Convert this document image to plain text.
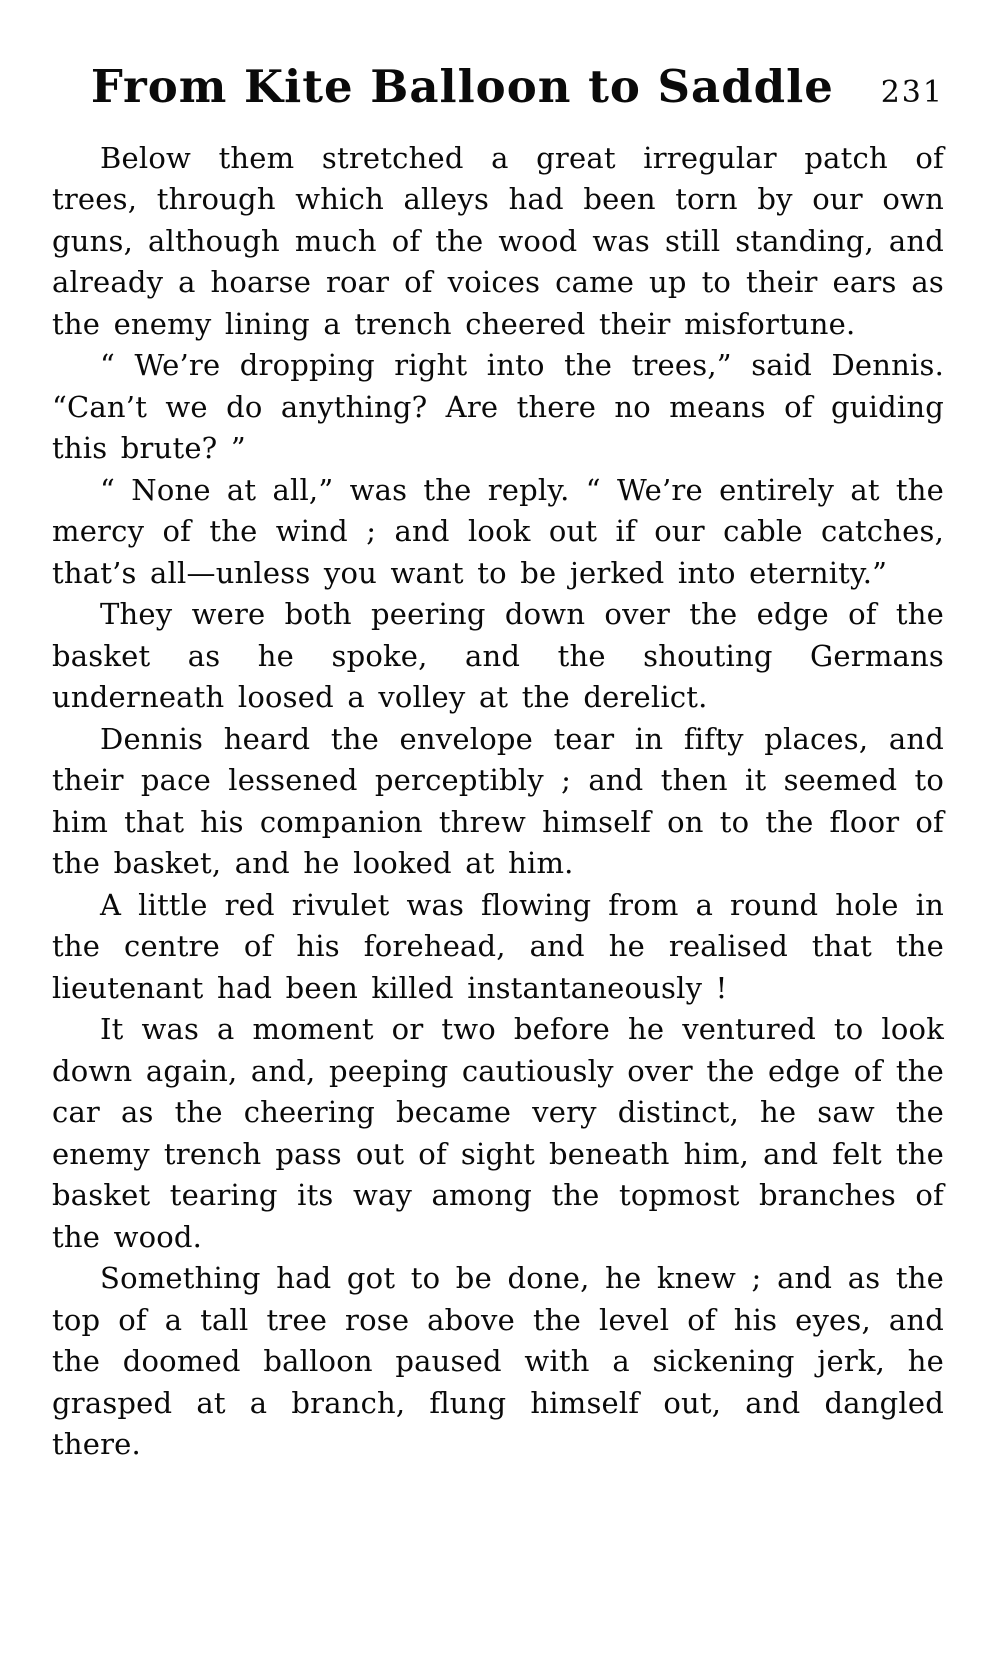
From Kite Balloon to Saddle 231

Below them stretched a great irregular patch of trees, through which alleys had been torn by our own guns, although much of the wood was still standing, and already a hoarse roar of voices came up to their ears as the enemy lining a trench cheered their misfortune.

“ We’re dropping right into the trees,” said Dennis. “Can’t we do anything? Are there no means of guiding this brute? ”

“ None at all,” was the reply. “ We’re entirely at the mercy of the wind ; and look out if our cable catches, that’s all—unless you want to be jerked into eternity.”

They were both peering down over the edge of the basket as he spoke, and the shouting Germans underneath loosed a volley at the derelict.

Dennis heard the envelope tear in fifty places, and their pace lessened perceptibly ; and then it seemed to him that his companion threw himself on to the floor of the basket, and he looked at him.

A little red rivulet was flowing from a round hole in the centre of his forehead, and he realised that the lieutenant had been killed instantaneously !

It was a moment or two before he ventured to look down again, and, peeping cautiously over the edge of the car as the cheering became very distinct, he saw the enemy trench pass out of sight beneath him, and felt the basket tearing its way among the topmost branches of the wood.

Something had got to be done, he knew ; and as the top of a tall tree rose above the level of his eyes, and the doomed balloon paused with a sickening jerk, he grasped at a branch, flung himself out, and dangled there.
